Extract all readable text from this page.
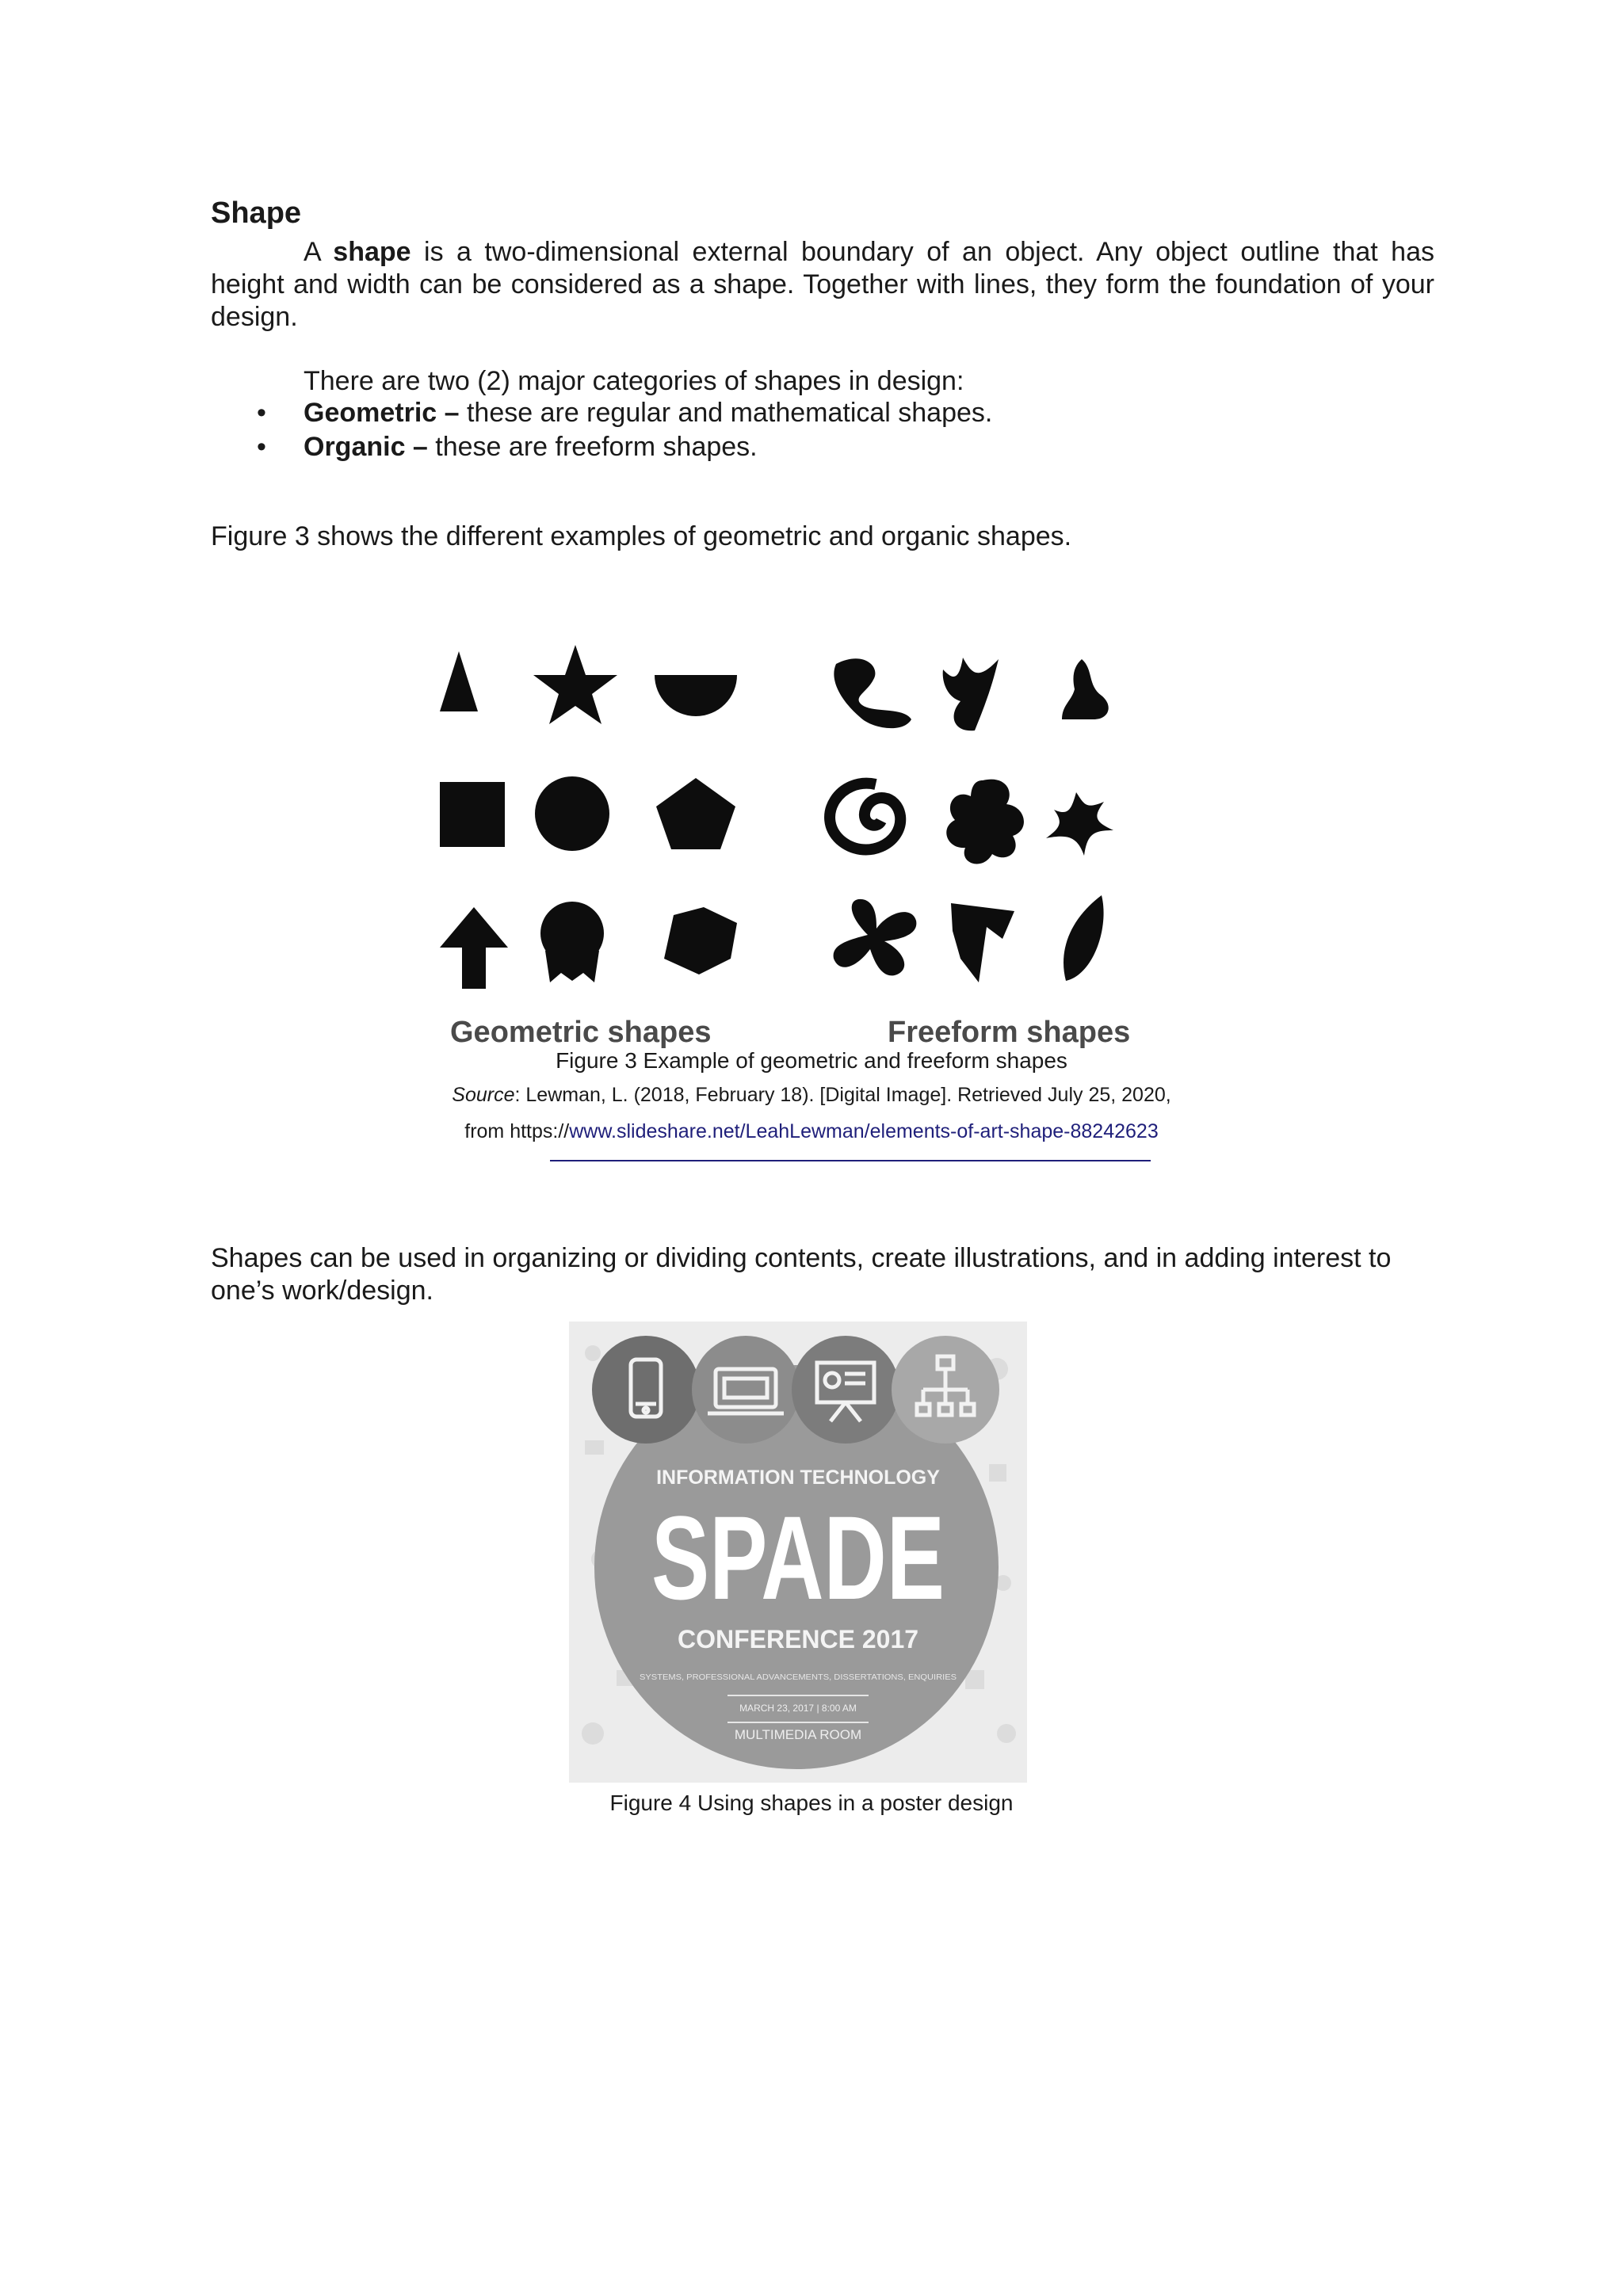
Shape
A shape is a two-dimensional external boundary of an object. Any object outline that has height and width can be considered as a shape. Together with lines, they form the foundation of your design.
There are two (2) major categories of shapes in design:
• Geometric – these are regular and mathematical shapes.
• Organic – these are freeform shapes.
Figure 3 shows the different examples of geometric and organic shapes.
Geometric shapes	Freeform shapes
Figure 3 Example of geometric and freeform shapes
Source: Lewman, L. (2018, February 18). [Digital Image]. Retrieved July 25, 2020,
from https://www.slideshare.net/LeahLewman/elements-of-art-shape-88242623
Shapes can be used in organizing or dividing contents, create illustrations, and in adding interest to one’s work/design.
INFORMATION TECHNOLOGY
SPADE
CONFERENCE 2017
SYSTEMS, PROFESSIONAL ADVANCEMENTS, DISSERTATIONS, ENQUIRIES
MARCH 23, 2017 | 8:00 AM
MULTIMEDIA ROOM
Figure 4 Using shapes in a poster design
